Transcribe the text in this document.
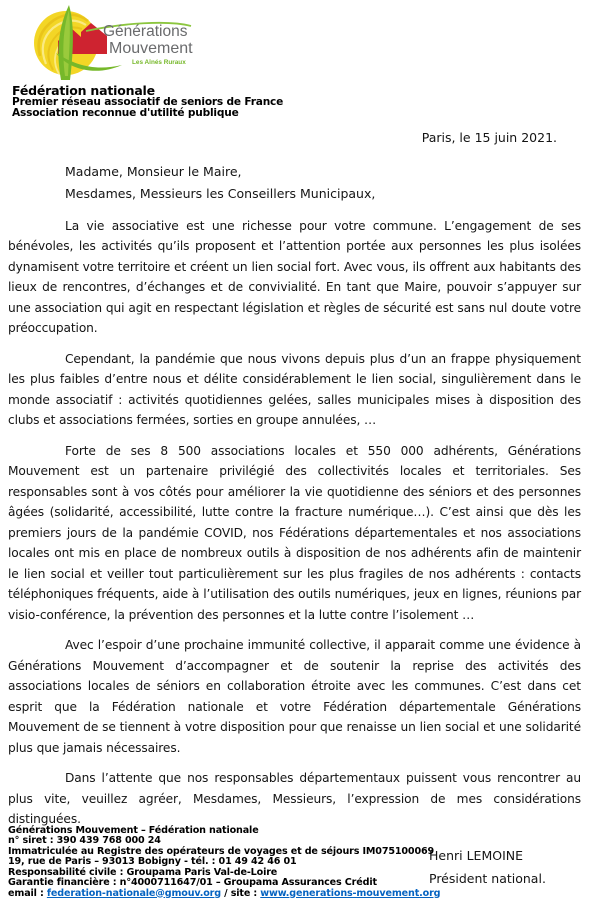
Générations
Mouvement
Les Aînés Ruraux
Fédération nationale
Premier réseau associatif de seniors de France
Association reconnue d'utilité publique
Paris, le 15 juin 2021.
Madame, Monsieur le Maire,
Mesdames, Messieurs les Conseillers Municipaux,

La vie associative est une richesse pour votre commune. L’engagement de ses bénévoles, les activités qu’ils proposent et l’attention portée aux personnes les plus isolées dynamisent votre territoire et créent un lien social fort. Avec vous, ils offrent aux habitants des lieux de rencontres, d’échanges et de convivialité. En tant que Maire, pouvoir s’appuyer sur une association qui agit en respectant législation et règles de sécurité est sans nul doute votre préoccupation.

Cependant, la pandémie que nous vivons depuis plus d’un an frappe physiquement les plus faibles d’entre nous et délite considérablement le lien social, singulièrement dans le monde associatif : activités quotidiennes gelées, salles municipales mises à disposition des clubs et associations fermées, sorties en groupe annulées, …

Forte de ses 8 500 associations locales et 550 000 adhérents, Générations Mouvement est un partenaire privilégié des collectivités locales et territoriales. Ses responsables sont à vos côtés pour améliorer la vie quotidienne des séniors et des personnes âgées (solidarité, accessibilité, lutte contre la fracture numérique…). C’est ainsi que dès les premiers jours de la pandémie COVID, nos Fédérations départementales et nos associations locales ont mis en place de nombreux outils à disposition de nos adhérents afin de maintenir le lien social et veiller tout particulièrement sur les plus fragiles de nos adhérents : contacts téléphoniques fréquents, aide à l’utilisation des outils numériques, jeux en lignes, réunions par visio-conférence, la prévention des personnes et la lutte contre l’isolement …

Avec l’espoir d’une prochaine immunité collective, il apparait comme une évidence à Générations Mouvement d’accompagner et de soutenir la reprise des activités des associations locales de séniors en collaboration étroite avec les communes. C’est dans cet esprit que la Fédération nationale et votre Fédération départementale Générations Mouvement de se tiennent à votre disposition pour que renaisse un lien social et une solidarité plus que jamais nécessaires.

Dans l’attente que nos responsables départementaux puissent vous rencontrer au plus vite, veuillez agréer, Mesdames, Messieurs, l’expression de mes considérations distinguées.

Henri LEMOINE
Président national.
Générations Mouvement – Fédération nationale
n° siret : 390 439 768 000 24
Immatriculée au Registre des opérateurs de voyages et de séjours IM075100069
19, rue de Paris – 93013 Bobigny - tél. : 01 49 42 46 01
Responsabilité civile : Groupama Paris Val-de-Loire
Garantie financière : n°4000711647/01 – Groupama Assurances Crédit
email : federation-nationale@gmouv.org / site : www.generations-mouvement.org
